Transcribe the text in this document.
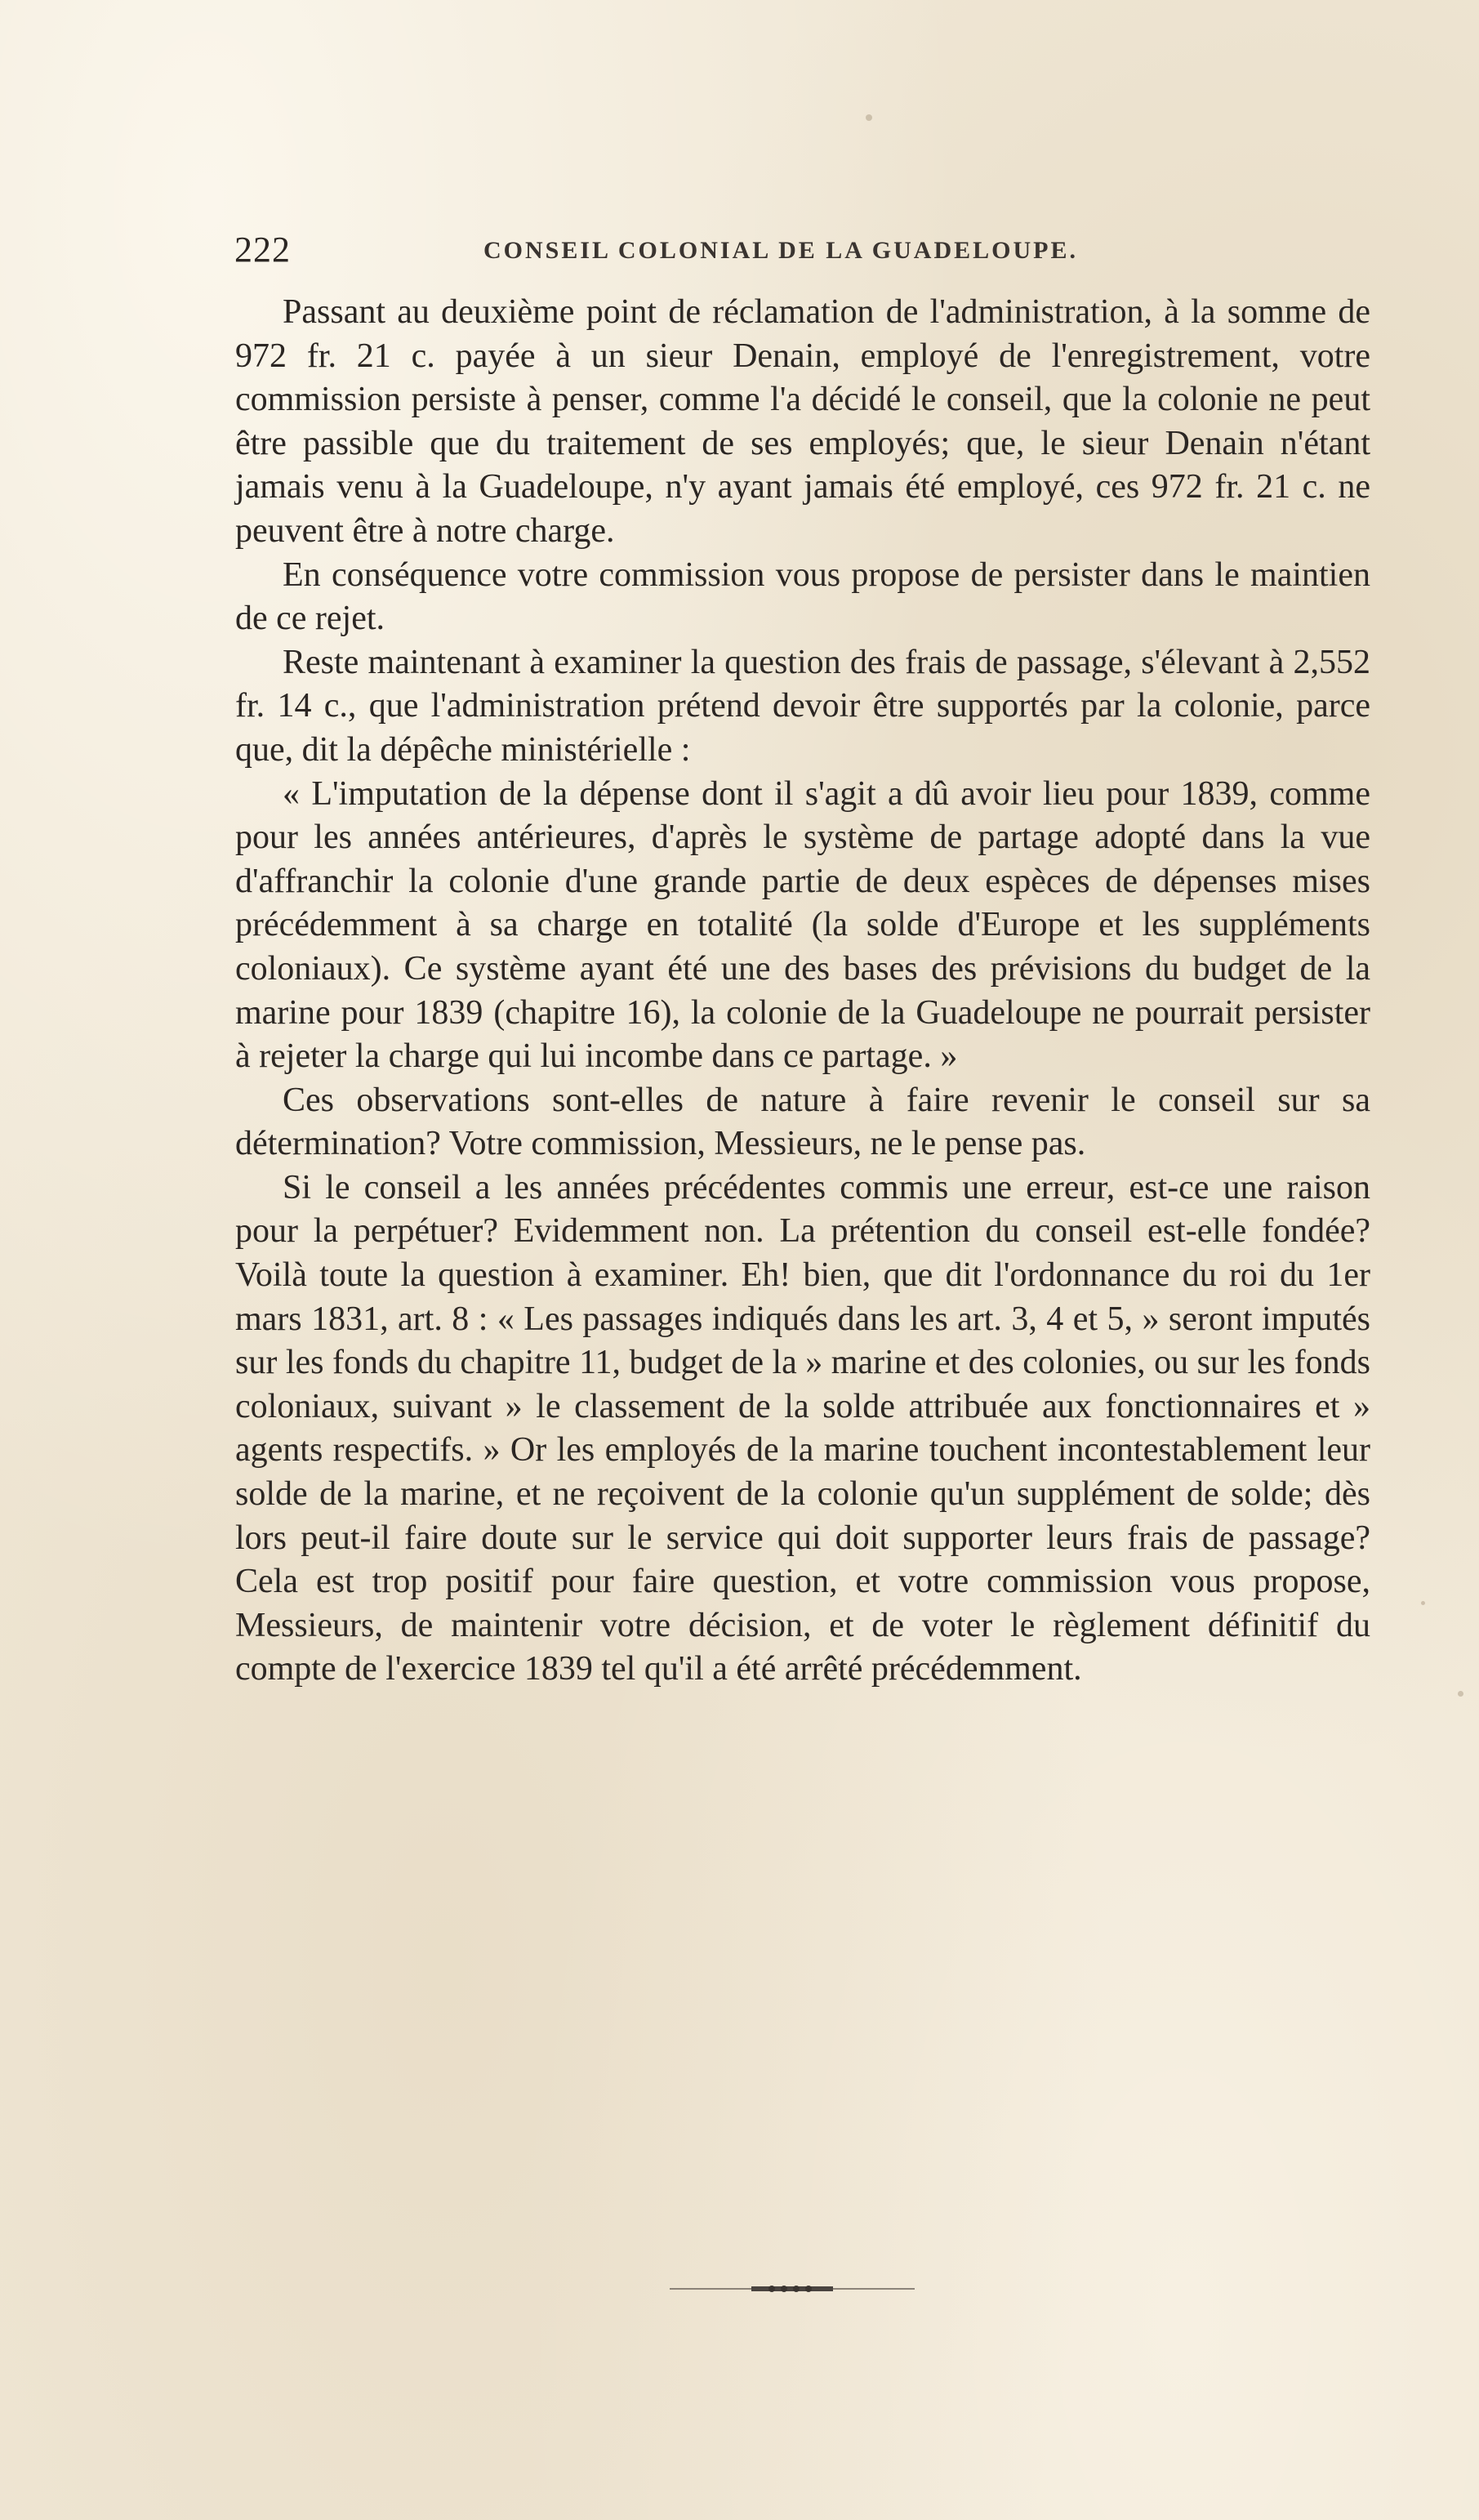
222	CONSEIL COLONIAL DE LA GUADELOUPE.

Passant au deuxième point de réclamation de l'administration, à la somme de 972 fr. 21 c. payée à un sieur Denain, employé de l'enregistrement, votre commission persiste à penser, comme l'a décidé le conseil, que la colonie ne peut être passible que du traitement de ses employés; que, le sieur Denain n'étant jamais venu à la Guadeloupe, n'y ayant jamais été employé, ces 972 fr. 21 c. ne peuvent être à notre charge.

En conséquence votre commission vous propose de persister dans le maintien de ce rejet.

Reste maintenant à examiner la question des frais de passage, s'élevant à 2,552 fr. 14 c., que l'administration prétend devoir être supportés par la colonie, parce que, dit la dépêche ministérielle :

« L'imputation de la dépense dont il s'agit a dû avoir lieu pour 1839, comme pour les années antérieures, d'après le système de partage adopté dans la vue d'affranchir la colonie d'une grande partie de deux espèces de dépenses mises précédemment à sa charge en totalité (la solde d'Europe et les suppléments coloniaux). Ce système ayant été une des bases des prévisions du budget de la marine pour 1839 (chapitre 16), la colonie de la Guadeloupe ne pourrait persister à rejeter la charge qui lui incombe dans ce partage. »

Ces observations sont-elles de nature à faire revenir le conseil sur sa détermination? Votre commission, Messieurs, ne le pense pas.

Si le conseil a les années précédentes commis une erreur, est-ce une raison pour la perpétuer? Evidemment non. La prétention du conseil est-elle fondée? Voilà toute la question à examiner. Eh! bien, que dit l'ordonnance du roi du 1er mars 1831, art. 8 : « Les passages indiqués dans les art. 3, 4 et 5, » seront imputés sur les fonds du chapitre 11, budget de la » marine et des colonies, ou sur les fonds coloniaux, suivant » le classement de la solde attribuée aux fonctionnaires et » agents respectifs. » Or les employés de la marine touchent incontestablement leur solde de la marine, et ne reçoivent de la colonie qu'un supplément de solde; dès lors peut-il faire doute sur le service qui doit supporter leurs frais de passage? Cela est trop positif pour faire question, et votre commission vous propose, Messieurs, de maintenir votre décision, et de voter le règlement définitif du compte de l'exercice 1839 tel qu'il a été arrêté précédemment.
